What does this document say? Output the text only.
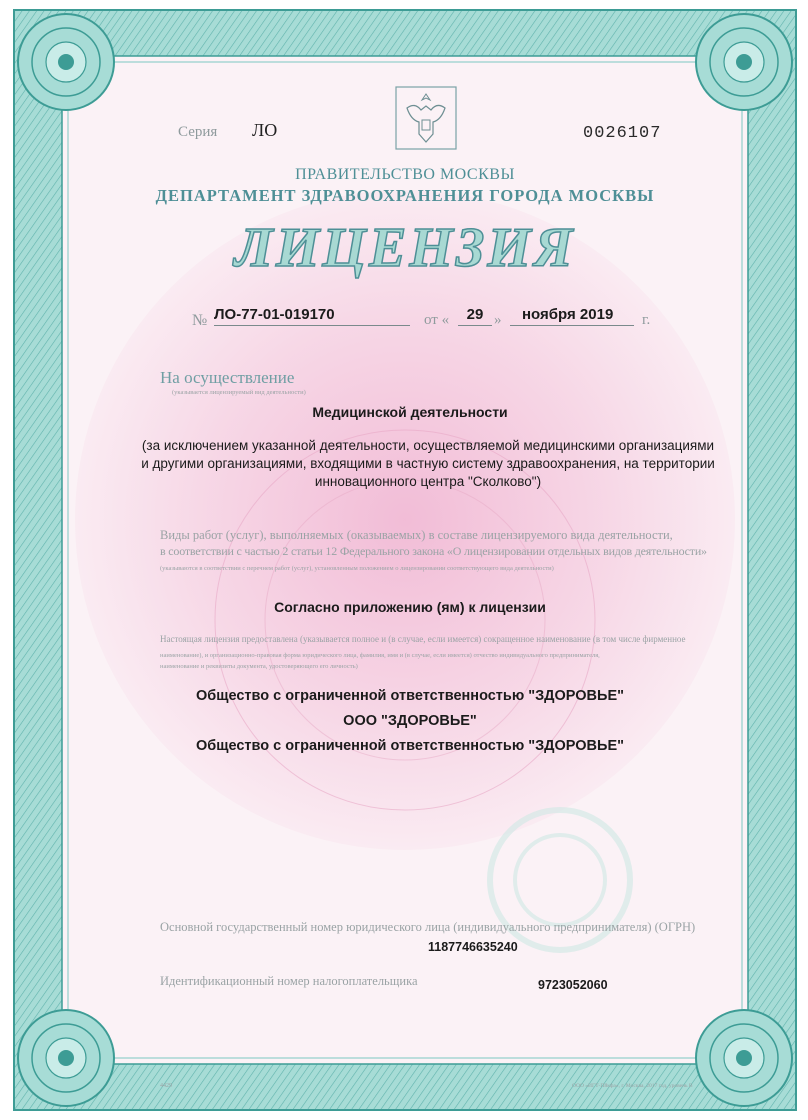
Серия ЛО	0026107
ПРАВИТЕЛЬСТВО МОСКВЫ
ДЕПАРТАМЕНТ ЗДРАВООХРАНЕНИЯ ГОРОДА МОСКВЫ
ЛИЦЕНЗИЯ
№ ЛО-77-01-019170	от «	29 »	ноября 2019	г.
На осуществление
(указывается лицензируемый вид деятельности)
Медицинской деятельности
(за исключением указанной деятельности, осуществляемой медицинскими организациями и другими организациями, входящими в частную систему здравоохранения, на территории инновационного центра "Сколково")
Виды работ (услуг), выполняемых (оказываемых) в составе лицензируемого вида деятельности,
в соответствии с частью 2 статьи 12 Федерального закона «О лицензировании отдельных видов деятельности»
(указываются в соответствии с перечнем работ (услуг), установленным положением о лицензировании соответствующего вида деятельности)
Согласно приложению (ям) к лицензии
Настоящая лицензия предоставлена (указывается полное и (в случае, если имеется) сокращенное наименование (в том числе фирменное
наименование), и организационно-правовая форма юридического лица, фамилия, имя и (в случае, если имеется) отчество индивидуального предпринимателя,
наименование и реквизиты документа, удостоверяющего его личность)
Общество с ограниченной ответственностью "ЗДОРОВЬЕ"
ООО "ЗДОРОВЬЕ"
Общество с ограниченной ответственностью "ЗДОРОВЬЕ"
Основной государственный номер юридического лица (индивидуального предпринимателя) (ОГРН)
1187746635240
Идентификационный номер налогоплательщика	9723052060
4429	ООО «ИГТ-Пйкфа», г. Москва, 2017 год, уровень В
